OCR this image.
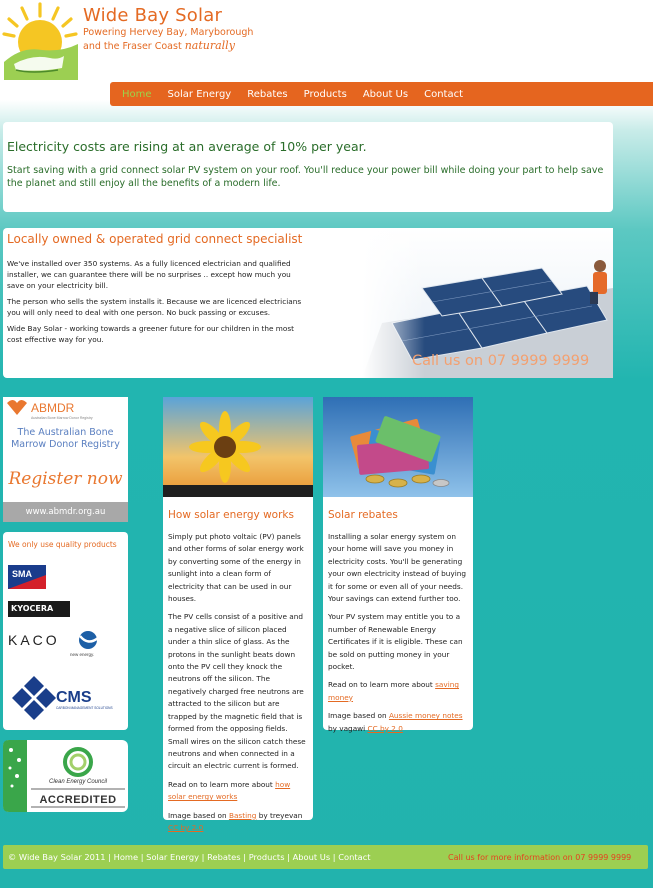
Wide Bay Solar
Powering Hervey Bay, Maryborough
and the Fraser Coast naturally
Home Solar Energy Rebates Products About Us Contact
Electricity costs are rising at an average of 10% per year.
Start saving with a grid connect solar PV system on your roof. You'll reduce your power bill while doing your part to help save the planet and still enjoy all the benefits of a modern life.
Locally owned & operated grid connect specialist

We've installed over 350 systems. As a fully licenced electrician and qualified installer, we can guarantee there will be no surprises .. except how much you save on your electricity bill.

The person who sells the system installs it. Because we are licenced electricians you will only need to deal with one person. No buck passing or excuses.

Wide Bay Solar - working towards a greener future for our children in the most cost effective way for you.

Call us on 07 9999 9999
ABMDR
Australian Bone Marrow Donor Registry
The Australian Bone
Marrow Donor Registry
Register now
www.abmdr.org.au
We only use quality products
SMA
KYOCERA
KACO
new energy.
CMS
CARBON MANAGEMENT SOLUTIONS
Clean Energy Council
ACCREDITED
How solar energy works

Simply put photo voltaic (PV) panels and other forms of solar energy work by converting some of the energy in sunlight into a clean form of electricity that can be used in our houses.

The PV cells consist of a positive and a negative slice of silicon placed under a thin slice of glass. As the protons in the sunlight beats down onto the PV cell they knock the neutrons off the silicon. The negatively charged free neutrons are attracted to the silicon but are trapped by the magnetic field that is formed from the opposing fields. Small wires on the silicon catch these neutrons and when connected in a circuit an electric current is formed.

Read on to learn more about how solar energy works

Image based on Basting by treyevan CC by 2.0

Solar rebates

Installing a solar energy system on your home will save you money in electricity costs. You'll be generating your own electricity instead of buying it for some or even all of your needs. Your savings can extend further too.

Your PV system may entitle you to a number of Renewable Energy Certificates if it is eligible. These can be sold on putting money in your pocket.

Read on to learn more about saving money

Image based on Aussie money notes by vagawi CC by 2.0

© Wide Bay Solar 2011 | Home | Solar Energy | Rebates | Products | About Us | Contact	Call us for more information on 07 9999 9999
